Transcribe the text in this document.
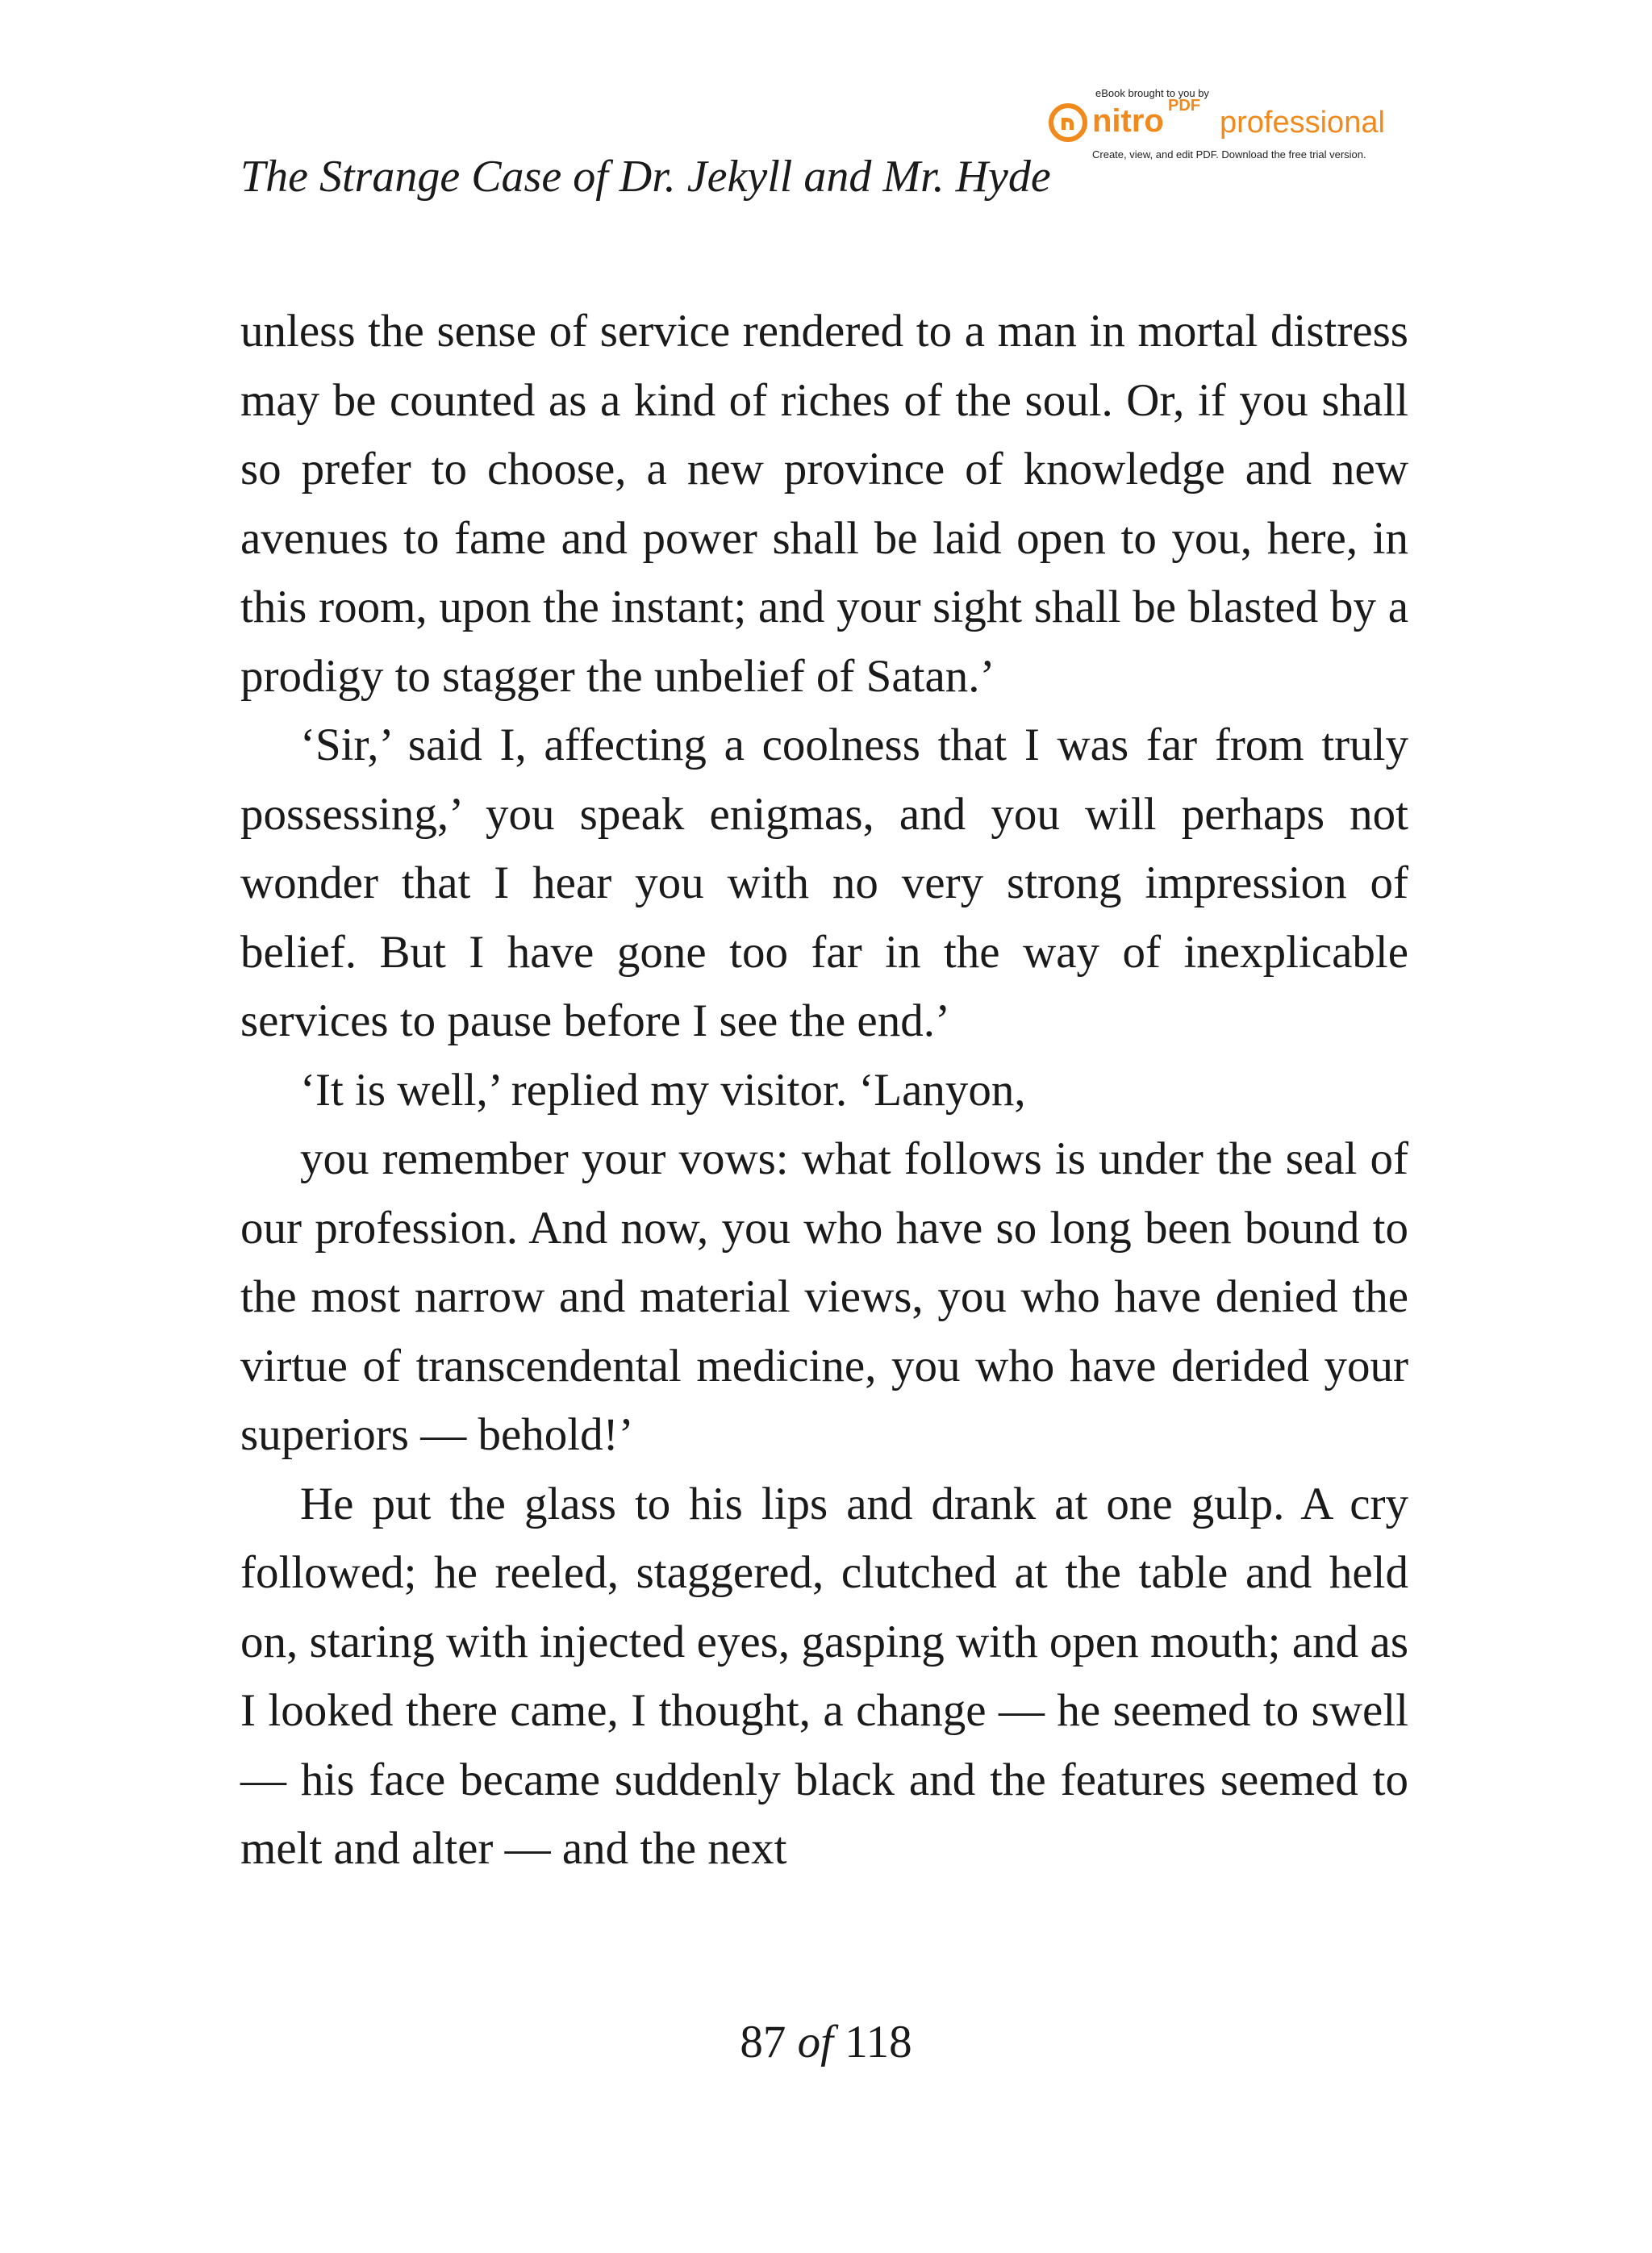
The Strange Case of Dr. Jekyll and Mr. Hyde
eBook brought to you by
nitro PDF professional
Create, view, and edit PDF. Download the free trial version.

unless the sense of service rendered to a man in mortal distress may be counted as a kind of riches of the soul. Or, if you shall so prefer to choose, a new province of knowledge and new avenues to fame and power shall be laid open to you, here, in this room, upon the instant; and your sight shall be blasted by a prodigy to stagger the unbelief of Satan.’

‘Sir,’ said I, affecting a coolness that I was far from truly possessing,’ you speak enigmas, and you will perhaps not wonder that I hear you with no very strong impression of belief. But I have gone too far in the way of inexplicable services to pause before I see the end.’

‘It is well,’ replied my visitor. ‘Lanyon,

you remember your vows: what follows is under the seal of our profession. And now, you who have so long been bound to the most narrow and material views, you who have denied the virtue of transcendental medicine, you who have derided your superiors — behold!’

He put the glass to his lips and drank at one gulp. A cry followed; he reeled, staggered, clutched at the table and held on, staring with injected eyes, gasping with open mouth; and as I looked there came, I thought, a change — he seemed to swell — his face became suddenly black and the features seemed to melt and alter — and the next

87 of 118
